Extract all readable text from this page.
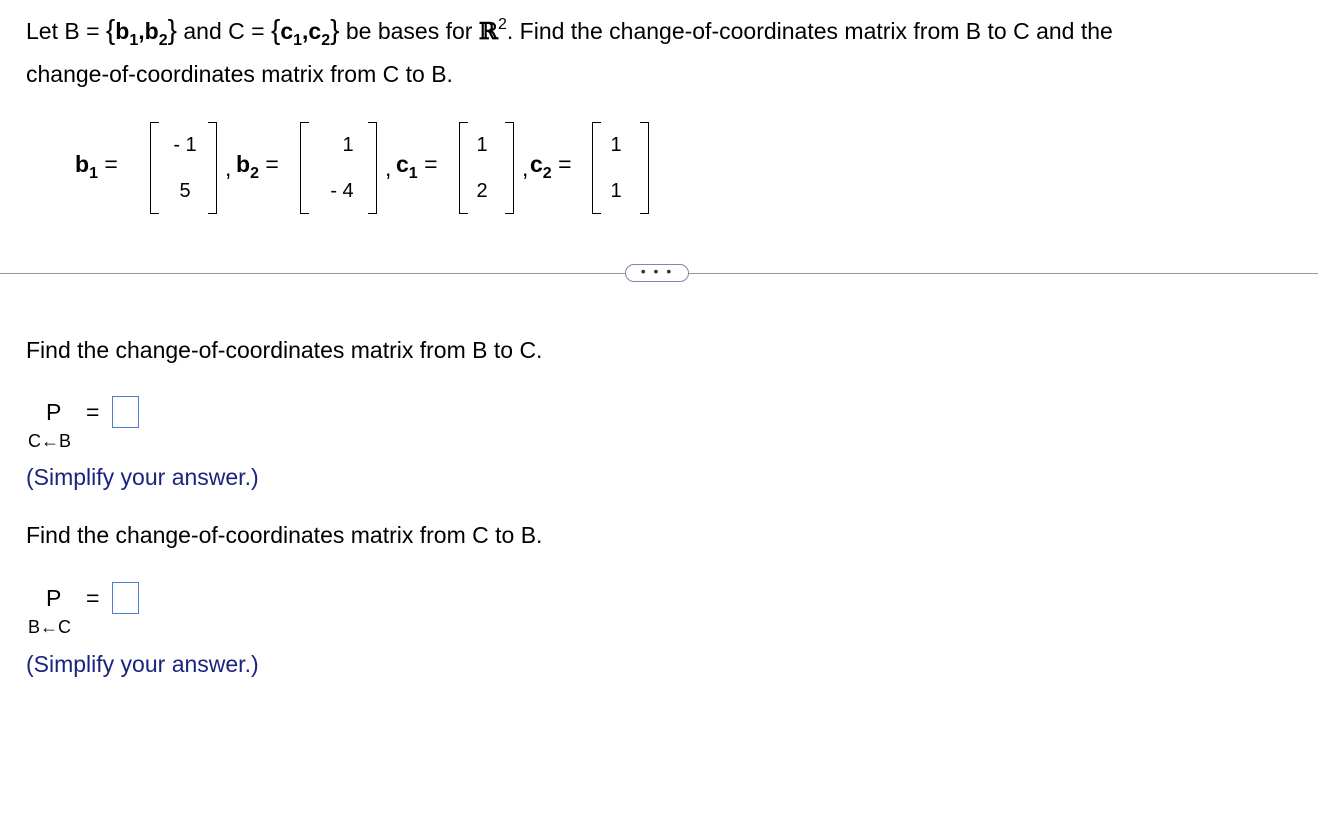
Let $B = \{b_1,b_2\}$ and $C = \{c_1,c_2\}$ be bases for ℝ$^2$. Find the change-of-coordinates matrix from B to C and the
change-of-coordinates matrix from C to B.
$b_1$ =
- 1
5
, $b_2$ =
1
- 4
, $c_1$ =
1
2
, $c_2$ =
1
1
• • •
Find the change-of-coordinates matrix from B to C.
P =
C←B
(Simplify your answer.)
Find the change-of-coordinates matrix from C to B.
P =
B←C
(Simplify your answer.)
